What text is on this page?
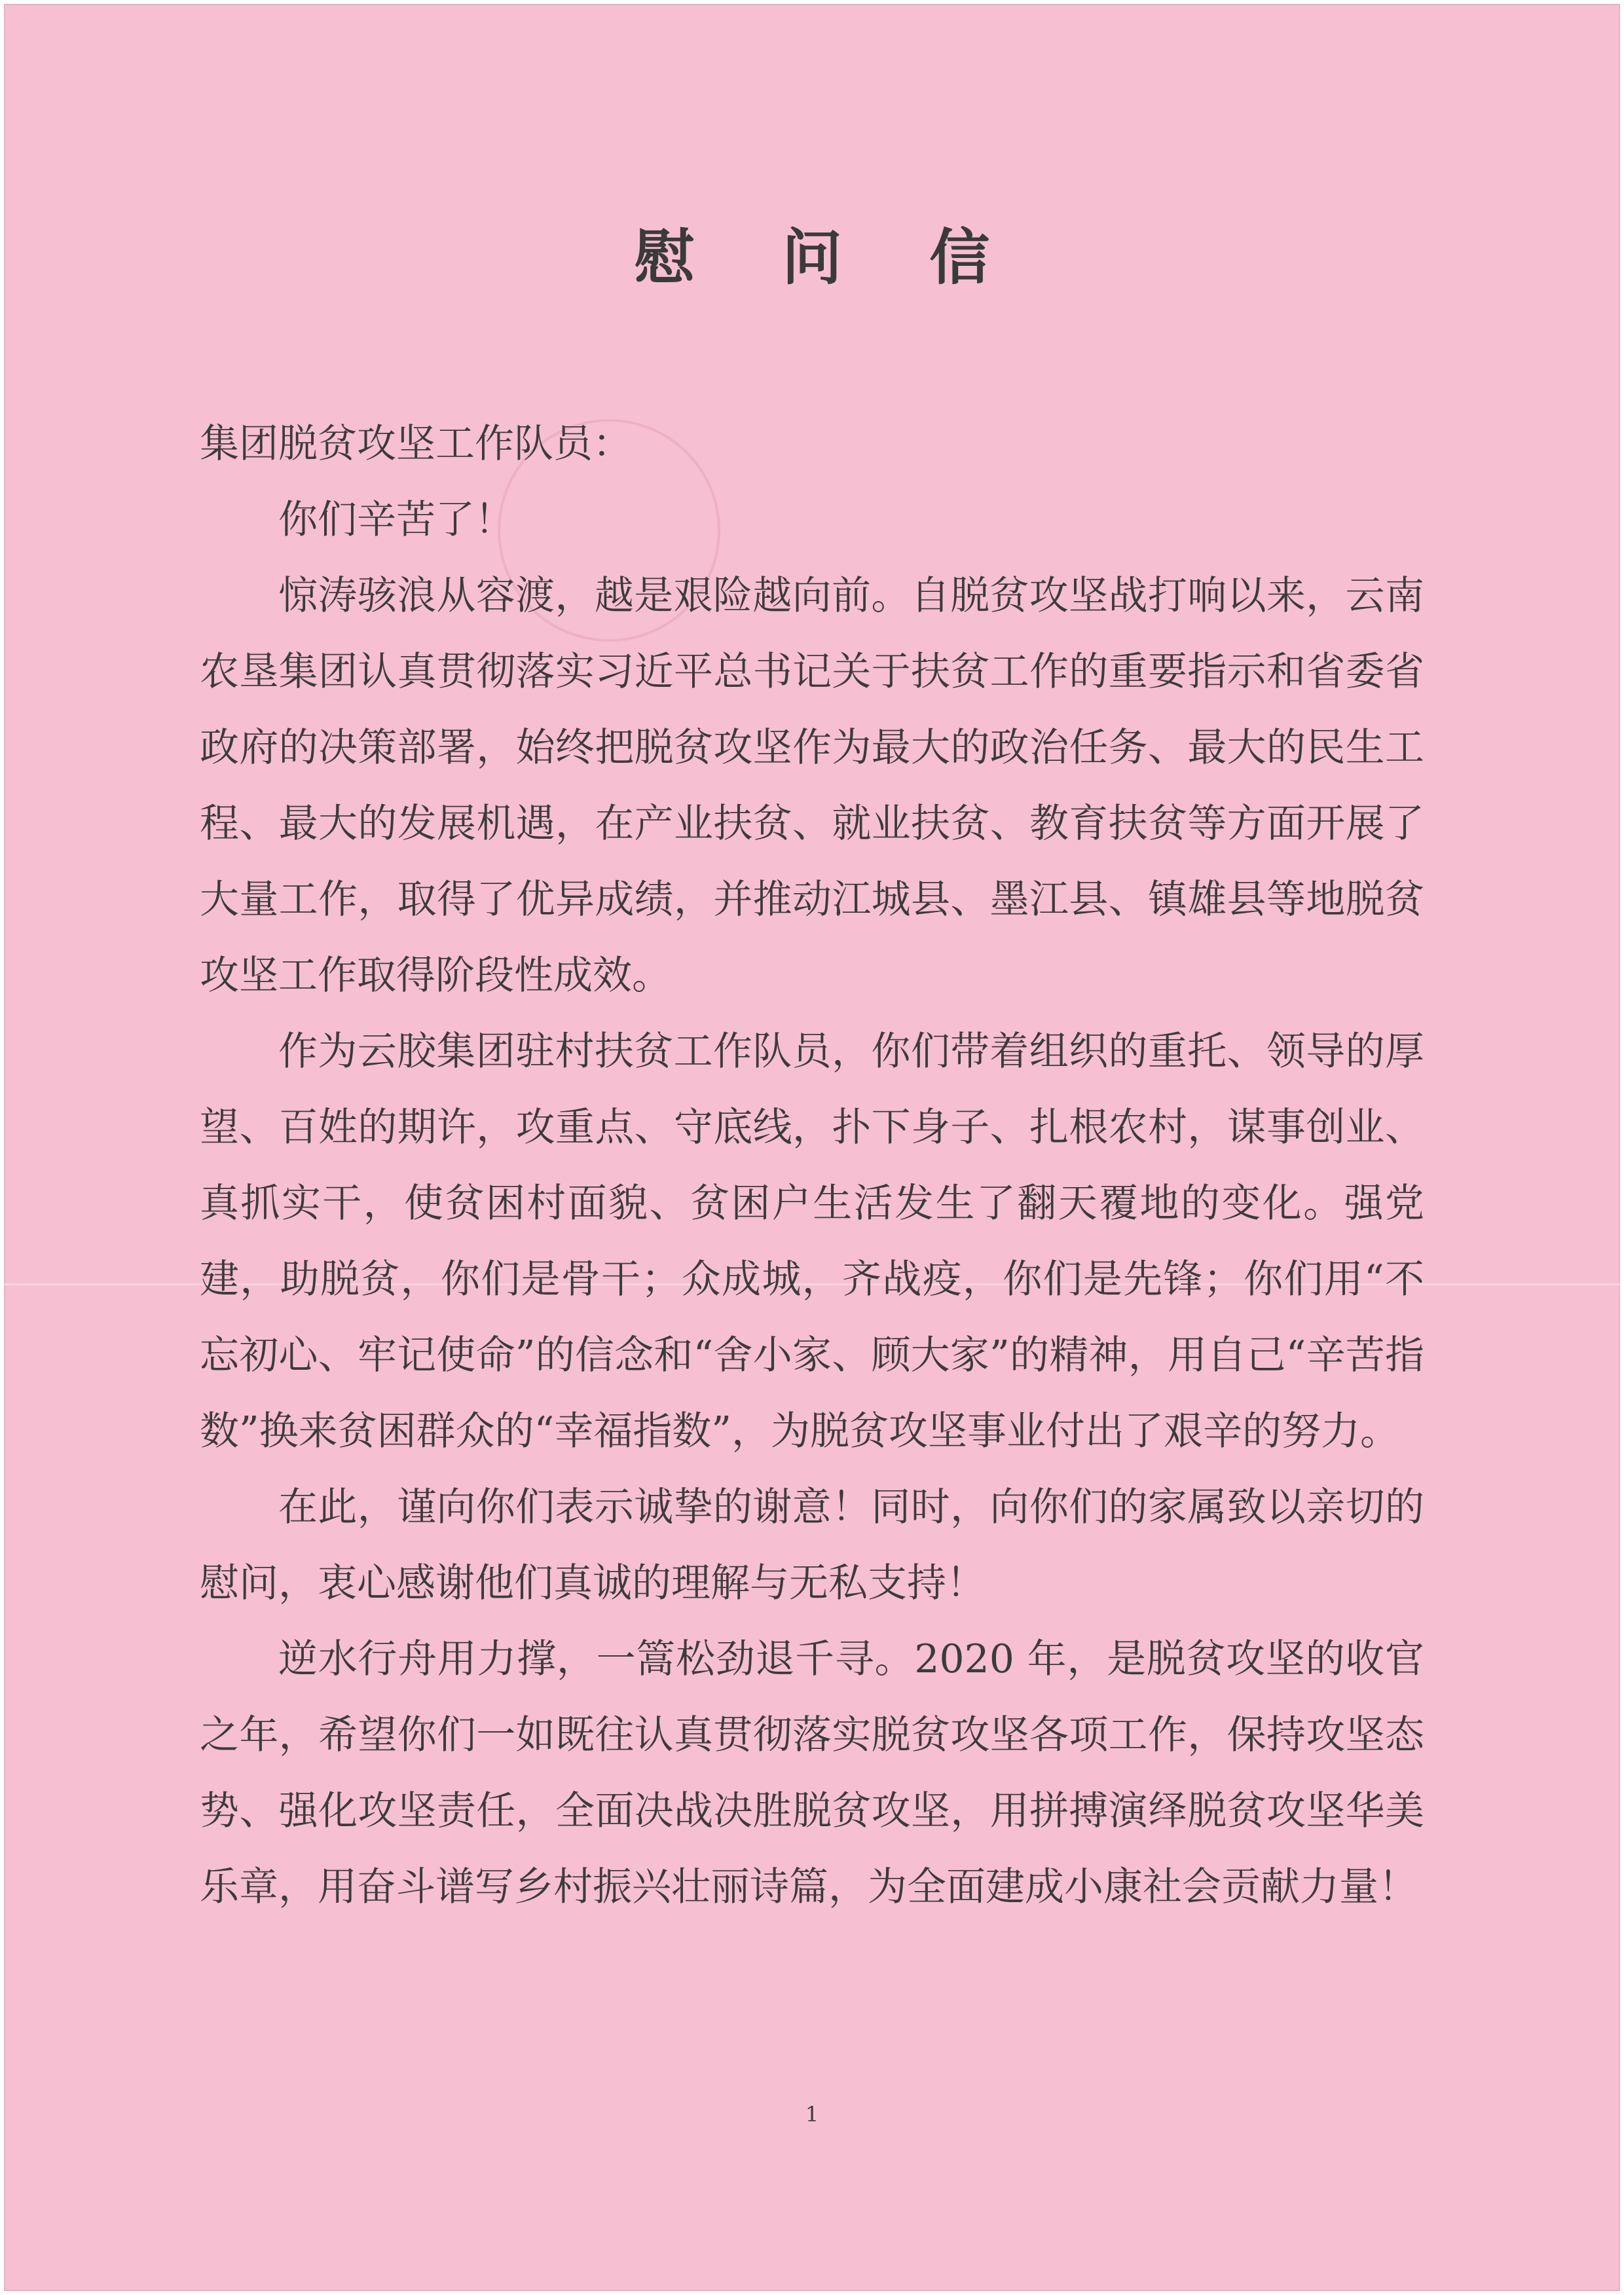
慰 问 信

集团脱贫攻坚工作队员：

你们辛苦了！

惊涛骇浪从容渡，越是艰险越向前。自脱贫攻坚战打响以来，云南农垦集团认真贯彻落实习近平总书记关于扶贫工作的重要指示和省委省政府的决策部署，始终把脱贫攻坚作为最大的政治任务、最大的民生工程、最大的发展机遇，在产业扶贫、就业扶贫、教育扶贫等方面开展了大量工作，取得了优异成绩，并推动江城县、墨江县、镇雄县等地脱贫攻坚工作取得阶段性成效。

作为云胶集团驻村扶贫工作队员，你们带着组织的重托、领导的厚望、百姓的期许，攻重点、守底线，扑下身子、扎根农村，谋事创业、真抓实干，使贫困村面貌、贫困户生活发生了翻天覆地的变化。强党建，助脱贫，你们是骨干；众成城，齐战疫，你们是先锋；你们用“不忘初心、牢记使命”的信念和“舍小家、顾大家”的精神，用自己“辛苦指数”换来贫困群众的“幸福指数”，为脱贫攻坚事业付出了艰辛的努力。

在此，谨向你们表示诚挚的谢意！同时，向你们的家属致以亲切的慰问，衷心感谢他们真诚的理解与无私支持！

逆水行舟用力撑，一篙松劲退千寻。2020 年，是脱贫攻坚的收官之年，希望你们一如既往认真贯彻落实脱贫攻坚各项工作，保持攻坚态势、强化攻坚责任，全面决战决胜脱贫攻坚，用拼搏演绎脱贫攻坚华美乐章，用奋斗谱写乡村振兴壮丽诗篇，为全面建成小康社会贡献力量！

1
